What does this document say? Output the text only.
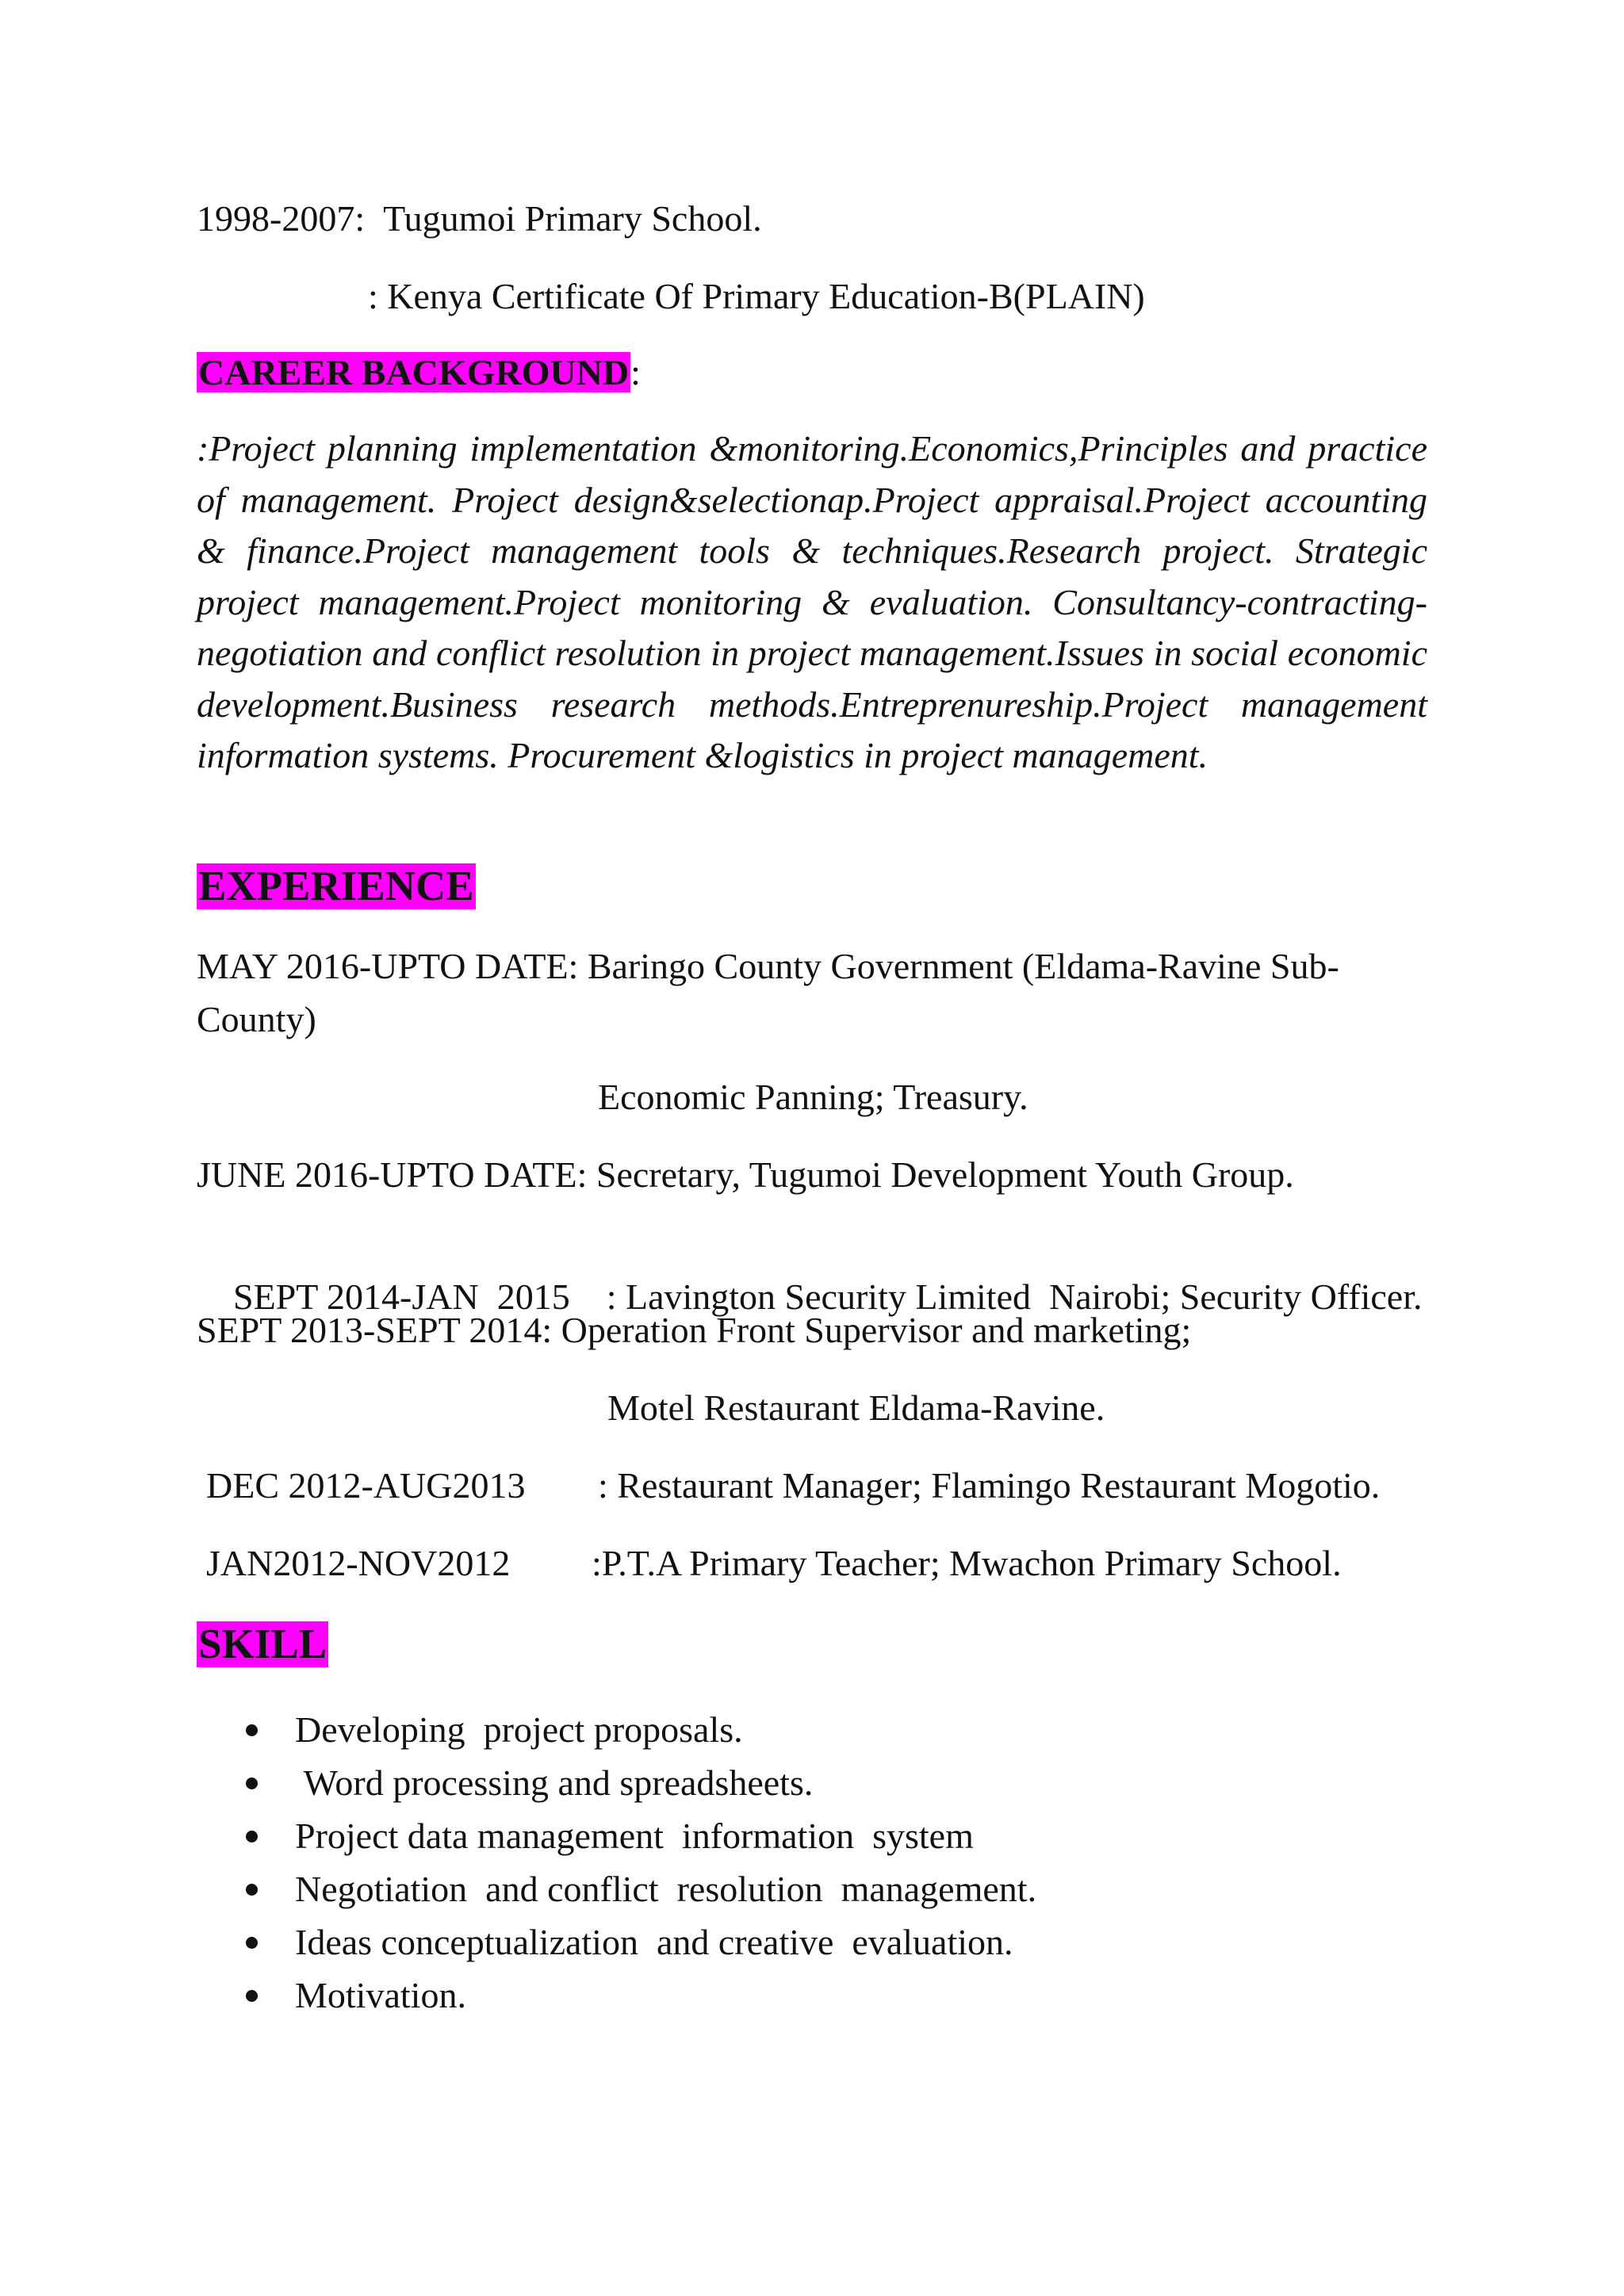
1998-2007: Tugumoi Primary School.
: Kenya Certificate Of Primary Education-B(PLAIN)
CAREER BACKGROUND:

:Project planning implementation &monitoring.Economics,Principles and practice of management. Project design&selectionap.Project appraisal.Project accounting & finance.Project management tools & techniques.Research project. Strategic project management.Project monitoring & evaluation. Consultancy-contracting-negotiation and conflict resolution in project management.Issues in social economic development.Business research methods.Entreprenureship.Project management information systems. Procurement &logistics in project management.

EXPERIENCE
MAY 2016-UPTO DATE: Baringo County Government (Eldama-Ravine Sub-
County)
Economic Panning; Treasury.
JUNE 2016-UPTO DATE: Secretary, Tugumoi Development Youth Group.

SEPT 2014-JAN  2015 : Lavington Security Limited  Nairobi; Security Officer.

SEPT 2013-SEPT 2014: Operation Front Supervisor and marketing;
Motel Restaurant Eldama-Ravine.
DEC 2012-AUG2013 : Restaurant Manager; Flamingo Restaurant Mogotio.
JAN2012-NOV2012 :P.T.A Primary Teacher; Mwachon Primary School.
SKILL
Developing  project proposals.
Word processing and spreadsheets.
Project data management  information  system
Negotiation  and conflict  resolution  management.
Ideas conceptualization  and creative  evaluation.
Motivation.
